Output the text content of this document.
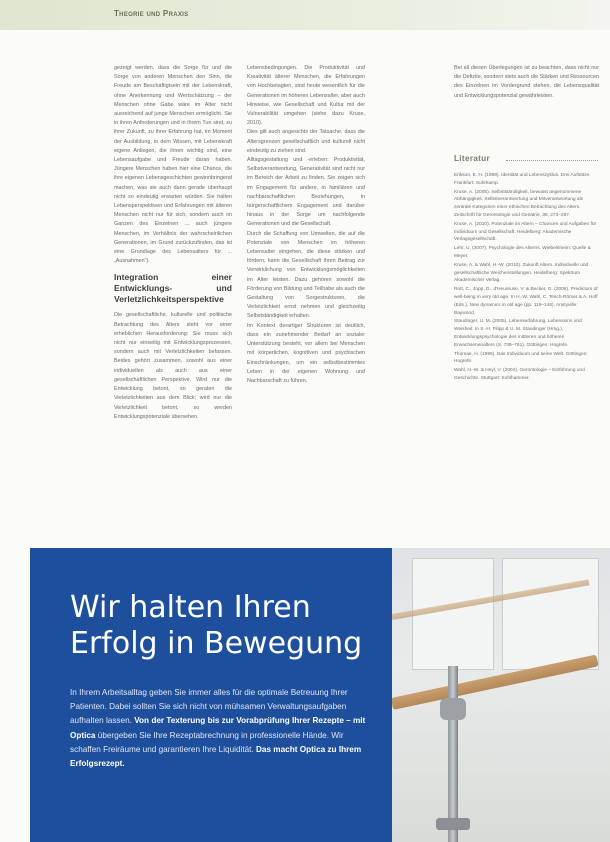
Theorie und Praxis

gezeigt werden, dass die Sorge für und die Sorge von anderen Menschen den Sinn, die Freude am Beschäftigtsein mit der Lebenskraft, ohne Anerkennung und Wertschätzung – der Menschen ohne Gabe wäre im Alter nicht ausreichend auf junge Menschen ermöglicht. Sie in ihren Anforderungen und in ihrem Tun sind, zu ihrer Zukunft, zu ihrer Erfahrung hat, im Moment der Ausbildung, in dem Wissen, mit Lebenskraft eigene Anliegen, die ihnen wichtig sind, eine Lebensaufgabe und Freude daran haben. Jüngere Menschen haben hier eine Chance, die ihre eigenen Lebensgeschichten gewinnbringend machen, was sie auch dann gerade überhaupt nicht so eindeutig erwarten würden. Sie halten Lebensperspektiven und Erfahrungen mit älteren Menschen nicht nur für sich, sondern auch im Ganzen des Einzelnen ... auch jüngere Menschen, im Verhältnis der wahrscheinlichen Generationen, im Grund zurückzufinden, das ist eine Grundlage des Lebensalters für ...„Ausnahmen“).

Integration einer Entwicklungs- und Verletzlichkeitsperspektive

Die gesellschaftliche, kulturelle und politische Betrachtung des Alters steht vor einer erheblichen Herausforderung: Sie muss sich nicht nur einseitig mit Entwicklungsprozessen, sondern auch mit Verletzlichkeiten befassen. Beides gehört zusammen, sowohl aus einer individuellen als auch aus einer gesellschaftlichen Perspektive. Wird nur die Entwicklung betont, so geraten die Verletzlichkeiten aus dem Blick; wird nur die Verletzlichkeit betont, so werden Entwicklungspotenziale übersehen.

Lebensbedingungen. Die Produktivität und Kreativität älterer Menschen, die Erfahrungen von Hochbetagten, sind heute wesentlich für die Generationen im höheren Lebensalter, aber auch Hinweise, wie Gesellschaft und Kultur mit der Vulnerabilität umgehen (siehe dazu Kruse, 2010).

Dies gilt auch angesichts der Tatsache, dass die Altersgrenzen gesellschaftlich und kulturell nicht eindeutig zu ziehen sind.

Alltagsgestaltung und -erleben: Produktivität, Selbstverantwortung, Generativität sind nicht nur im Bereich der Arbeit zu finden. Sie zeigen sich im Engagement für andere, in familiären und nachbarschaftlichen Beziehungen, in bürgerschaftlichem Engagement und darüber hinaus in der Sorge um nachfolgende Generationen und die Gesellschaft.

Durch die Schaffung von Umwelten, die auf die Potenziale von Menschen im höheren Lebensalter eingehen, die diese stärken und fördern, kann die Gesellschaft ihren Beitrag zur Verwirklichung von Entwicklungsmöglichkeiten im Alter leisten. Dazu gehören sowohl die Förderung von Bildung und Teilhabe als auch die Gestaltung von Sorgestrukturen, die Verletzlichkeit ernst nehmen und gleichzeitig Selbstständigkeit erhalten.

Im Kontext derartiger Strukturen ist deutlich, dass ein zunehmender Bedarf an sozialer Unterstützung besteht, vor allem bei Menschen mit körperlichen, kognitiven und psychischen Einschränkungen, um ein selbstbestimmtes Leben in der eigenen Wohnung und Nachbarschaft zu führen.

Bei all diesen Überlegungen ist zu beachten, dass nicht nur die Defizite, sondern stets auch die Stärken und Ressourcen des Einzelnen im Vordergrund stehen, die Lebensqualität und Entwicklungspotenzial gewährleisten.

Literatur
Erikson, E. H. (1959). Identität und Lebenszyklus. Drei Aufsätze. Frankfurt: Suhrkamp.
Kruse, A. (2005). Selbstständigkeit, bewusst angenommene Abhängigkeit, Selbstverantwortung und Mitverantwortung als zentrale Kategorien einer ethischen Betrachtung des Alters. Zeitschrift für Gerontologie und Geriatrie, 38, 273–287.
Kruse, A. (2010). Potenziale im Altern – Chancen und Aufgaben für Individuum und Gesellschaft. Heidelberg: Akademische Verlagsgesellschaft.
Lehr, U. (2007). Psychologie des Alterns. Wiebelsheim: Quelle & Meyer.
Kruse, A. & Wahl, H.-W. (2010). Zukunft Altern. Individuelle und gesellschaftliche Weichenstellungen. Heidelberg: Spektrum Akademischer Verlag.
Rott, C., Jopp, D., d'Heureuse, V. & Becker, G. (2006). Predictors of well-being in very old age. In H.-W. Wahl, C. Tesch-Römer & A. Hoff (Eds.), New dynamics in old age (pp. 119–146). Amityville: Baywood.
Staudinger, U. M. (2005). Lebenserfahrung, Lebenssinn und Weisheit. In S.-H. Filipp & U. M. Staudinger (Hrsg.), Entwicklungspsychologie des mittleren und höheren Erwachsenenalters (S. 739–761). Göttingen: Hogrefe.
Thomae, H. (1996). Das Individuum und seine Welt. Göttingen: Hogrefe.
Wahl, H.-W. & Heyl, V. (2004). Gerontologie – Einführung und Geschichte. Stuttgart: Kohlhammer.
Wir halten Ihren
Erfolg in Bewegung
In Ihrem Arbeitsalltag geben Sie immer alles für die optimale Betreuung Ihrer Patienten. Dabei sollten Sie sich nicht von mühsamen Verwaltungsaufgaben aufhalten lassen. Von der Texterung bis zur Vorabprüfung Ihrer Rezepte – mit Optica übergeben Sie Ihre Rezeptabrechnung in professionelle Hände. Wir schaffen Freiräume und garantieren Ihre Liquidität. Das macht Optica zu Ihrem Erfolgsrezept.
